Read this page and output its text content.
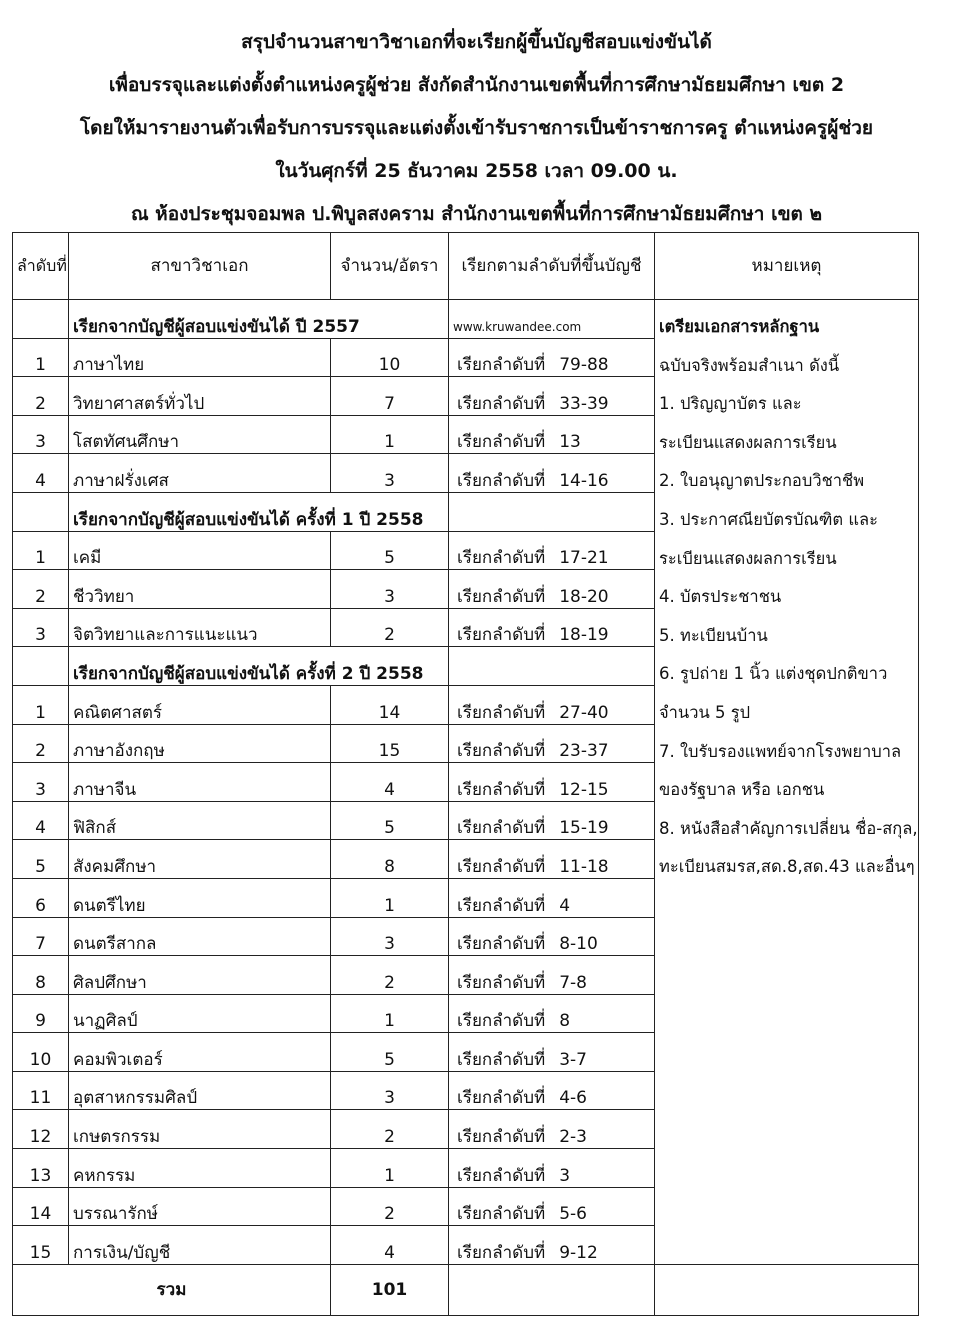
สรุปจำนวนสาขาวิชาเอกที่จะเรียกผู้ขึ้นบัญชีสอบแข่งขันได้
เพื่อบรรจุและแต่งตั้งตำแหน่งครูผู้ช่วย สังกัดสำนักงานเขตพื้นที่การศึกษามัธยมศึกษา เขต 2
โดยให้มารายงานตัวเพื่อรับการบรรจุและแต่งตั้งเข้ารับราชการเป็นข้าราชการครู ตำแหน่งครูผู้ช่วย
ในวันศุกร์ที่ 25 ธันวาคม 2558 เวลา 09.00 น.
ณ ห้องประชุมจอมพล ป.พิบูลสงคราม สำนักงานเขตพื้นที่การศึกษามัธยมศึกษา เขต ๒
ลำดับที่	สาขาวิชาเอก	จำนวน/อัตรา	เรียกตามลำดับที่ขึ้นบัญชี	หมายเหตุ
	เรียกจากบัญชีผู้สอบแข่งขันได้ ปี 2557		www.kruwandee.com	เตรียมเอกสารหลักฐาน
1	ภาษาไทย	10	เรียกลำดับที่ 79-88	ฉบับจริงพร้อมสำเนา ดังนี้
2	วิทยาศาสตร์ทั่วไป	7	เรียกลำดับที่ 33-39	1. ปริญญาบัตร และ
3	โสตทัศนศึกษา	1	เรียกลำดับที่ 13	ระเบียนแสดงผลการเรียน
4	ภาษาฝรั่งเศส	3	เรียกลำดับที่ 14-16	2. ใบอนุญาตประกอบวิชาชีพ
	เรียกจากบัญชีผู้สอบแข่งขันได้ ครั้งที่ 1 ปี 2558			3. ประกาศณียบัตรบัณฑิต และ
1	เคมี	5	เรียกลำดับที่ 17-21	ระเบียนแสดงผลการเรียน
2	ชีววิทยา	3	เรียกลำดับที่ 18-20	4. บัตรประชาชน
3	จิตวิทยาและการแนะแนว	2	เรียกลำดับที่ 18-19	5. ทะเบียนบ้าน
	เรียกจากบัญชีผู้สอบแข่งขันได้ ครั้งที่ 2 ปี 2558			6. รูปถ่าย 1 นิ้ว แต่งชุดปกติขาว
1	คณิตศาสตร์	14	เรียกลำดับที่ 27-40	จำนวน 5 รูป
2	ภาษาอังกฤษ	15	เรียกลำดับที่ 23-37	7. ใบรับรองแพทย์จากโรงพยาบาล
3	ภาษาจีน	4	เรียกลำดับที่ 12-15	ของรัฐบาล หรือ เอกชน
4	ฟิสิกส์	5	เรียกลำดับที่ 15-19	8. หนังสือสำคัญการเปลี่ยน ชื่อ-สกุล,
5	สังคมศึกษา	8	เรียกลำดับที่ 11-18	ทะเบียนสมรส,สด.8,สด.43 และอื่นๆ
6	ดนตรีไทย	1	เรียกลำดับที่ 4	
7	ดนตรีสากล	3	เรียกลำดับที่ 8-10	
8	ศิลปศึกษา	2	เรียกลำดับที่ 7-8	
9	นาฏศิลป์	1	เรียกลำดับที่ 8	
10	คอมพิวเตอร์	5	เรียกลำดับที่ 3-7	
11	อุตสาหกรรมศิลป์	3	เรียกลำดับที่ 4-6	
12	เกษตรกรรม	2	เรียกลำดับที่ 2-3	
13	คหกรรม	1	เรียกลำดับที่ 3	
14	บรรณารักษ์	2	เรียกลำดับที่ 5-6	
15	การเงิน/บัญชี	4	เรียกลำดับที่ 9-12	
รวม		101		
